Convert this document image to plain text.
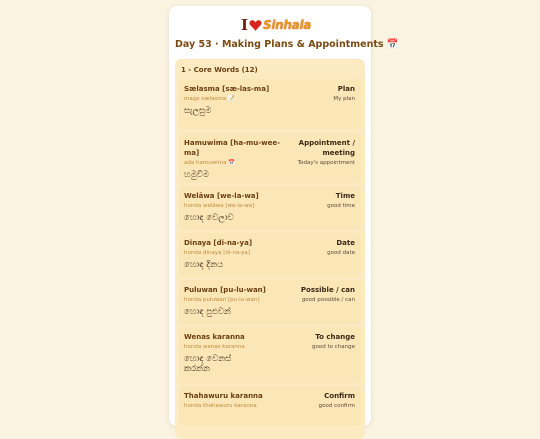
I Sinhala
Day 53 · Making Plans & Appointments 📅
1 - Core Words (12)
Sælasma [sæ-las-ma]
mage sælasma 📝
සැලසුම
Plan
My plan
Hamuwima [ha-mu-wee-ma]
ada hamuwima 📅
හමුවීම
Appointment / meeting
Today's appointment
Welāwa [we-la-wa]
honda welāwa [we-la-wa]
හොඳ වෙලාව
Time
good time
Dinaya [di-na-ya]
honda dinaya [di-na-ya]
හොඳ දිනය
Date
good date
Puluwan [pu-lu-wan]
honda puluwan [pu-lu-wan]
හොඳ පුළුවන්
Possible / can
good possible / can
Wenas karanna
honda wenas karanna
හොඳ වෙනස් කරන්න
To change
good to change
Thahawuru karanna
honda thahawuru karanna
Confirm
good confirm
